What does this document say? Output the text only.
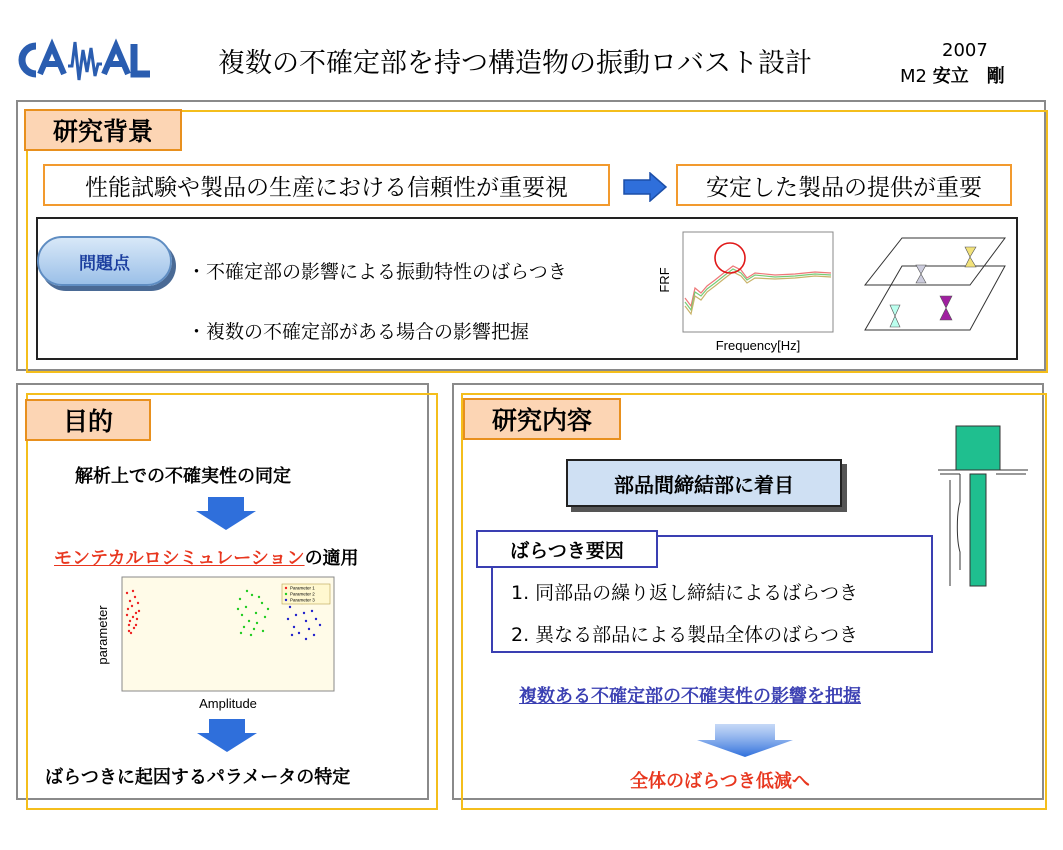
複数の不確定部を持つ構造物の振動ロバスト設計	2007
M2 安立　剛
研究背景
性能試験や製品の生産における信頼性が重要視	安定した製品の提供が重要
問題点	・不確定部の影響による振動特性のばらつき
・複数の不確定部がある場合の影響把握
FRF
Frequency[Hz]
目的
解析上での不確実性の同定
モンテカルロシミュレーションの適用
Parameter 1
Parameter 2
Parameter 3
parameter
Amplitude
ばらつきに起因するパラメータの特定
研究内容
部品間締結部に着目
ばらつき要因
1. 同部品の繰り返し締結によるばらつき
2. 異なる部品による製品全体のばらつき
複数ある不確定部の不確実性の影響を把握
全体のばらつき低減へ
